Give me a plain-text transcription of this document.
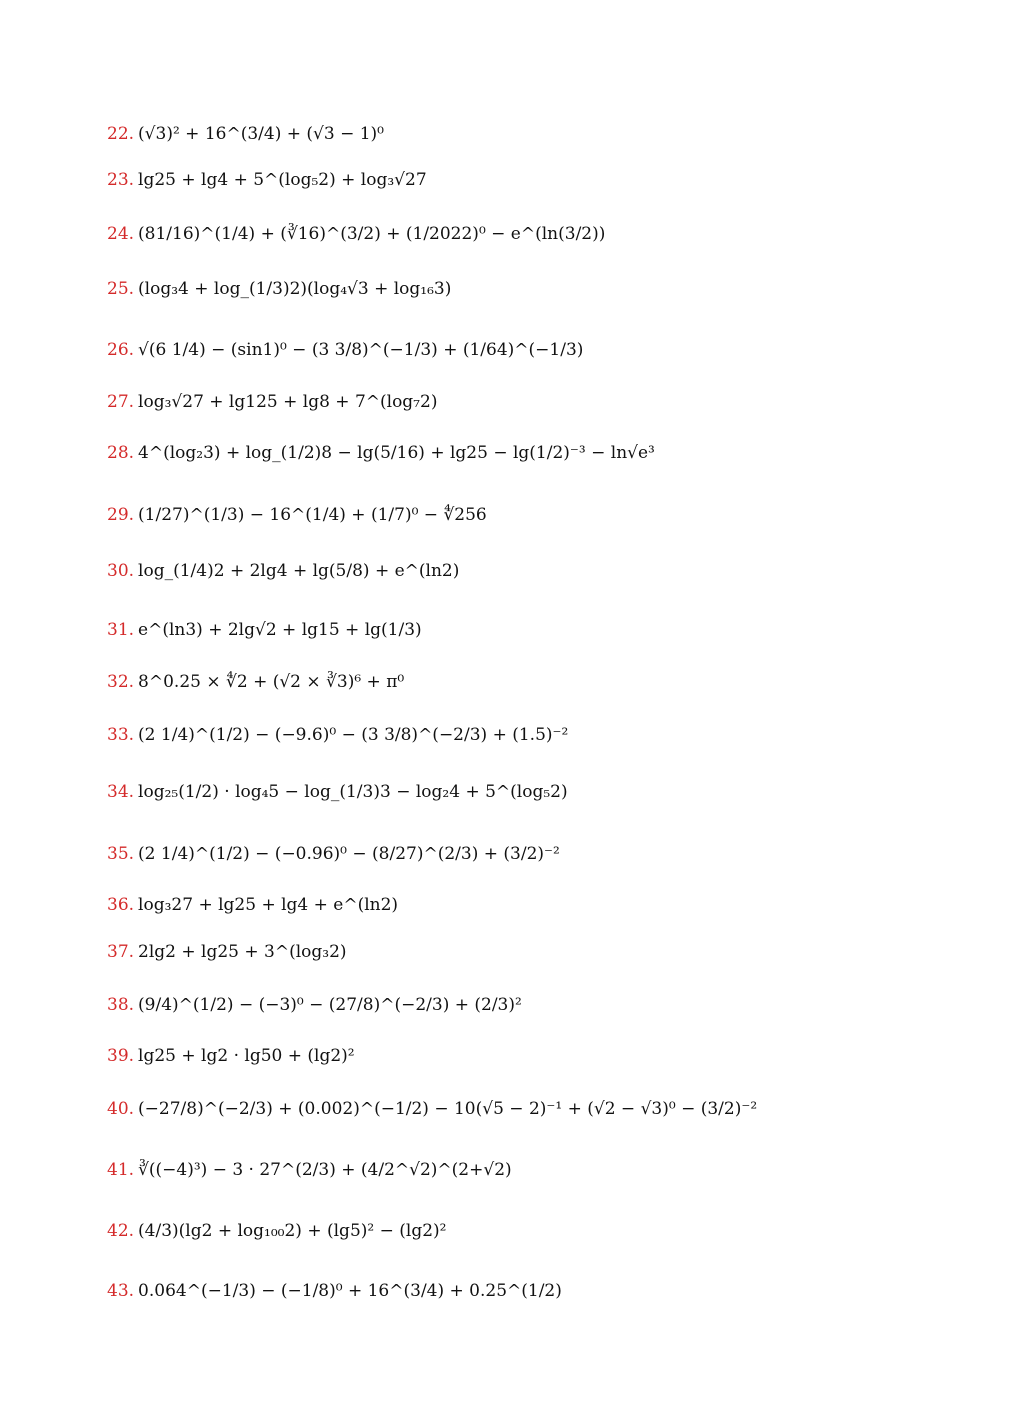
22. (√3)² + 16^(3/4) + (√3 − 1)⁰
23. lg25 + lg4 + 5^(log₅2) + log₃√27
24. (81/16)^(1/4) + (∛16)^(3/2) + (1/2022)⁰ − e^(ln(3/2))
25. (log₃4 + log_(1/3)2)(log₄√3 + log₁₆3)
26. √(6 1/4) − (sin1)⁰ − (3 3/8)^(−1/3) + (1/64)^(−1/3)
27. log₃√27 + lg125 + lg8 + 7^(log₇2)
28. 4^(log₂3) + log_(1/2)8 − lg(5/16) + lg25 − lg(1/2)⁻³ − ln√e³
29. (1/27)^(1/3) − 16^(1/4) + (1/7)⁰ − ∜256
30. log_(1/4)2 + 2lg4 + lg(5/8) + e^(ln2)
31. e^(ln3) + 2lg√2 + lg15 + lg(1/3)
32. 8^0.25 × ∜2 + (√2 × ∛3)⁶ + π⁰
33. (2 1/4)^(1/2) − (−9.6)⁰ − (3 3/8)^(−2/3) + (1.5)⁻²
34. log₂₅(1/2) · log₄5 − log_(1/3)3 − log₂4 + 5^(log₅2)
35. (2 1/4)^(1/2) − (−0.96)⁰ − (8/27)^(2/3) + (3/2)⁻²
36. log₃27 + lg25 + lg4 + e^(ln2)
37. 2lg2 + lg25 + 3^(log₃2)
38. (9/4)^(1/2) − (−3)⁰ − (27/8)^(−2/3) + (2/3)²
39. lg25 + lg2 · lg50 + (lg2)²
40. (−27/8)^(−2/3) + (0.002)^(−1/2) − 10(√5 − 2)⁻¹ + (√2 − √3)⁰ − (3/2)⁻²
41. ∛((−4)³) − 3 · 27^(2/3) + (4/2^√2)^(2+√2)
42. (4/3)(lg2 + log₁₀₀2) + (lg5)² − (lg2)²
43. 0.064^(−1/3) − (−1/8)⁰ + 16^(3/4) + 0.25^(1/2)
